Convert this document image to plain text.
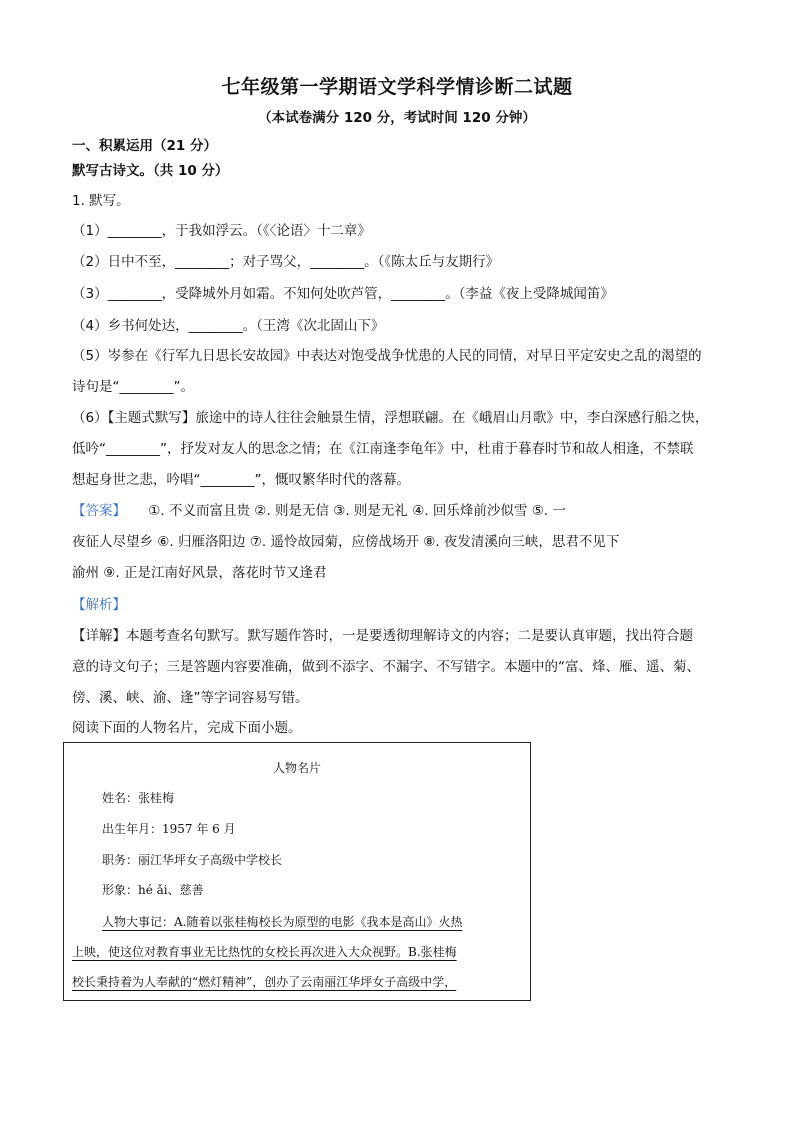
七年级第一学期语文学科学情诊断二试题
（本试卷满分 120 分，考试时间 120 分钟）
一、积累运用（21 分）
默写古诗文。（共 10 分）
1. 默写。
（1）________，于我如浮云。（《〈论语〉十二章》
（2）日中不至，________；对子骂父，________。（《陈太丘与友期行》
（3）________，受降城外月如霜。不知何处吹芦管，________。（李益《夜上受降城闻笛》
（4）乡书何处达，________。（王湾《次北固山下》
（5）岑参在《行军九日思长安故园》中表达对饱受战争忧患的人民的同情，对早日平定安史之乱的渴望的
诗句是“________”。
（6）【主题式默写】旅途中的诗人往往会触景生情，浮想联翩。在《峨眉山月歌》中，李白深感行船之快，
低吟“________”，抒发对友人的思念之情；在《江南逢李龟年》中，杜甫于暮春时节和故人相逢，不禁联
想起身世之悲，吟唱“________”，慨叹繁华时代的落幕。
【答案】 ①. 不义而富且贵 ②. 则是无信 ③. 则是无礼 ④. 回乐烽前沙似雪 ⑤. 一
夜征人尽望乡 ⑥. 归雁洛阳边 ⑦. 遥怜故园菊，应傍战场开 ⑧. 夜发清溪向三峡，思君不见下
渝州 ⑨. 正是江南好风景，落花时节又逢君
【解析】
【详解】本题考查名句默写。默写题作答时，一是要透彻理解诗文的内容；二是要认真审题，找出符合题
意的诗文句子；三是答题内容要准确，做到不添字、不漏字、不写错字。本题中的“富、烽、雁、遥、菊、
傍、溪、峡、渝、逢”等字词容易写错。
阅读下面的人物名片，完成下面小题。
人物名片
姓名：张桂梅
出生年月：1957 年 6 月
职务：丽江华坪女子高级中学校长
形象：hé ǎi、慈善
人物大事记：A.随着以张桂梅校长为原型的电影《我本是高山》火热
上映，使这位对教育事业无比热忱的女校长再次进入大众视野。B.张桂梅
校长秉持着为人奉献的“燃灯精神”，创办了云南丽江华坪女子高级中学，
